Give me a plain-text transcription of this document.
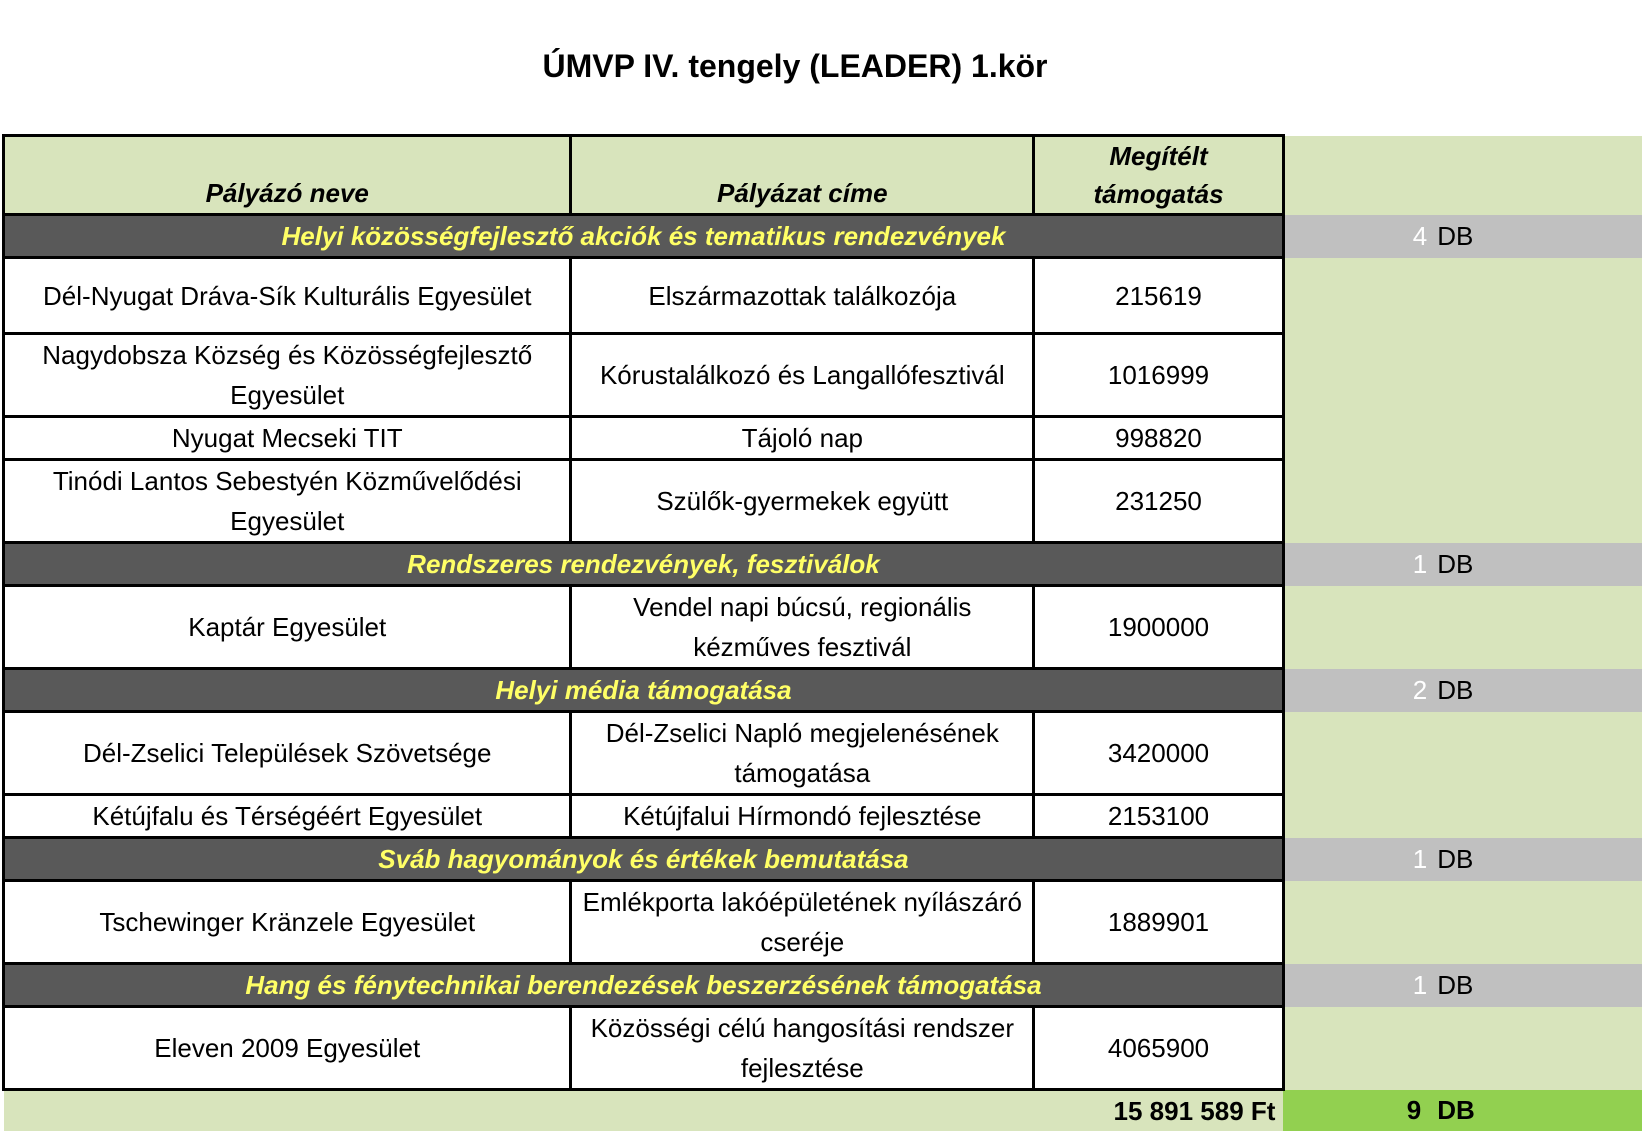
ÚMVP IV. tengely (LEADER) 1.kör
Pályázó neve	Pályázat címe	Megítélt
támogatás		

Helyi közösségfejlesztő akciók és tematikus rendezvények			4	DB
Dél-Nyugat Dráva-Sík Kulturális Egyesület	Elszármazottak találkozója	215619		
Nagydobsza Község és Közösségfejlesztő Egyesület	Kórustalálkozó és Langallófesztivál	1016999		
Nyugat Mecseki TIT	Tájoló nap	998820		
Tinódi Lantos Sebestyén Közművelődési Egyesület	Szülők-gyermekek együtt	231250		
Rendszeres rendezvények, fesztiválok			1	DB
Kaptár Egyesület	Vendel napi búcsú, regionális kézműves fesztivál	1900000		
Helyi média támogatása			2	DB
Dél-Zselici Települések Szövetsége	Dél-Zselici Napló megjelenésének támogatása	3420000		
Kétújfalu és Térségéért Egyesület	Kétújfalui Hírmondó fejlesztése	2153100		
Sváb hagyományok és értékek bemutatása			1	DB
Tschewinger Kränzele Egyesület	Emlékporta lakóépületének nyílászáró cseréje	1889901		
Hang és fénytechnikai berendezések beszerzésének támogatása			1	DB
Eleven 2009 Egyesület	Közösségi célú hangosítási rendszer fejlesztése	4065900		
		15 891 589 Ft	9	DB
